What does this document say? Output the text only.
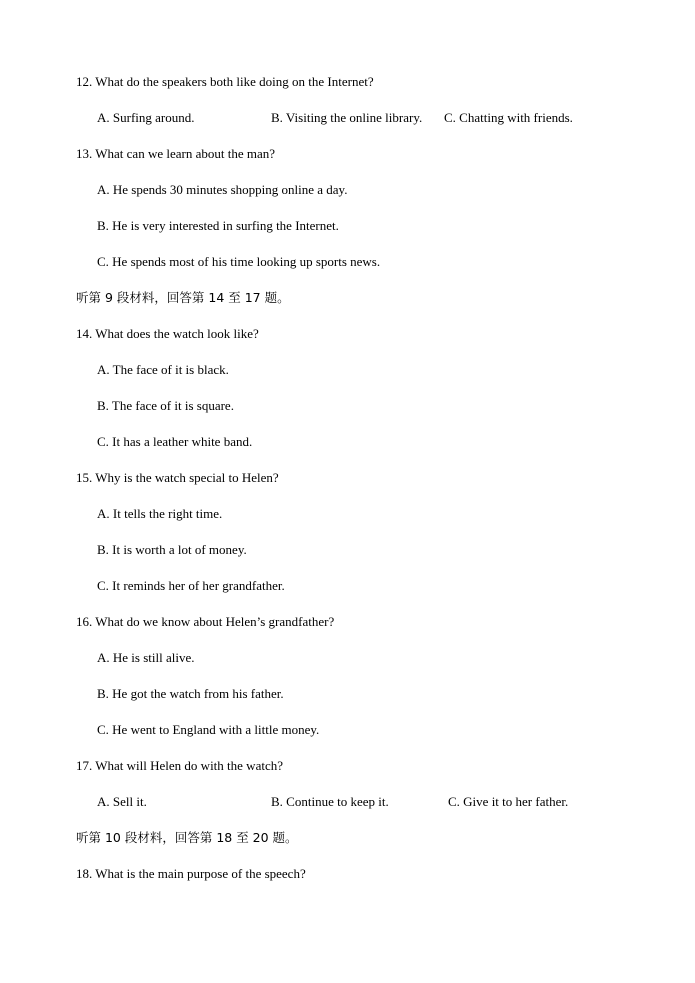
12. What do the speakers both like doing on the Internet?
A. Surfing around.	B. Visiting the online library. C. Chatting with friends.
13. What can we learn about the man?
A. He spends 30 minutes shopping online a day.
B. He is very interested in surfing the Internet.
C. He spends most of his time looking up sports news.
听第 9 段材料，回答第 14 至 17 题。
14. What does the watch look like?
A. The face of it is black.
B. The face of it is square.
C. It has a leather white band.
15. Why is the watch special to Helen?
A. It tells the right time.
B. It is worth a lot of money.
C. It reminds her of her grandfather.
16. What do we know about Helen’s grandfather?
A. He is still alive.
B. He got the watch from his father.
C. He went to England with a little money.
17. What will Helen do with the watch?
A. Sell it.	B. Continue to keep it.	C. Give it to her father.
听第 10 段材料，回答第 18 至 20 题。
18. What is the main purpose of the speech?
